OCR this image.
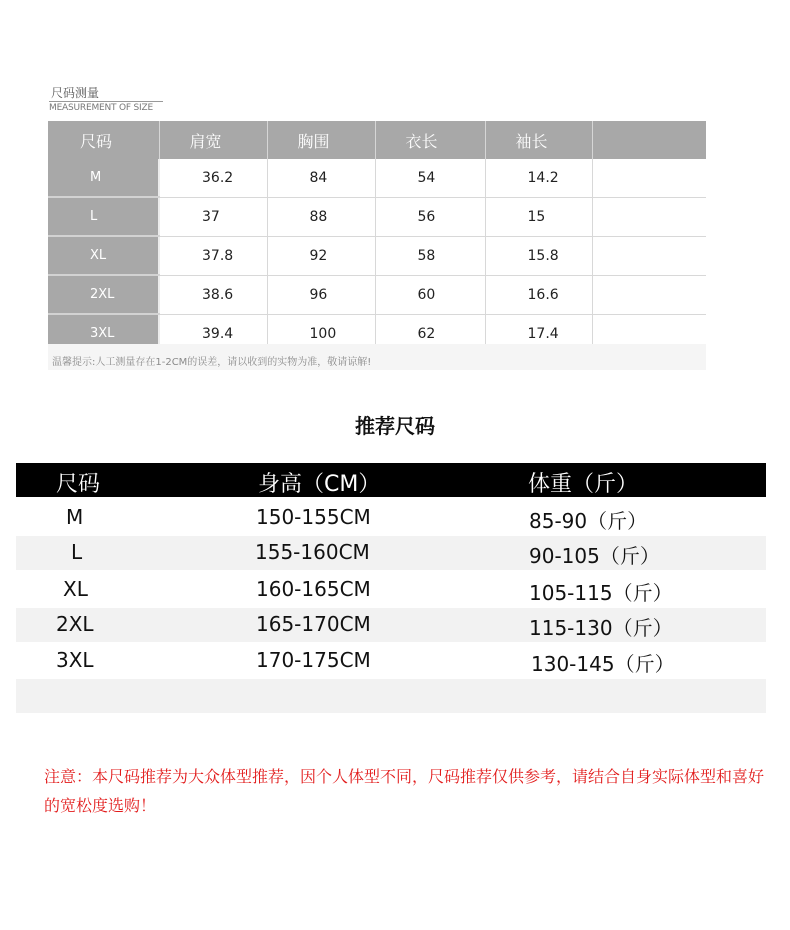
尺码测量
MEASUREMENT OF SIZE
尺码	肩宽	胸围	衣长	袖长	
M	36.2	84	54	14.2	
L	37	88	56	15	
XL	37.8	92	58	15.8	
2XL	38.6	96	60	16.6	
3XL	39.4	100	62	17.4	
温馨提示:人工测量存在1-2CM的误差，请以收到的实物为准，敬请谅解!
推荐尺码
尺码	身高（CM）	体重（斤）
M	150-155CM	85-90（斤）
L	155-160CM	90-105（斤）
XL	160-165CM	105-115（斤）
2XL	165-170CM	115-130（斤）
3XL	170-175CM	130-145（斤）
注意：本尺码推荐为大众体型推荐，因个人体型不同，尺码推荐仅供参考，请结合自身实际体型和喜好的宽松度选购！
